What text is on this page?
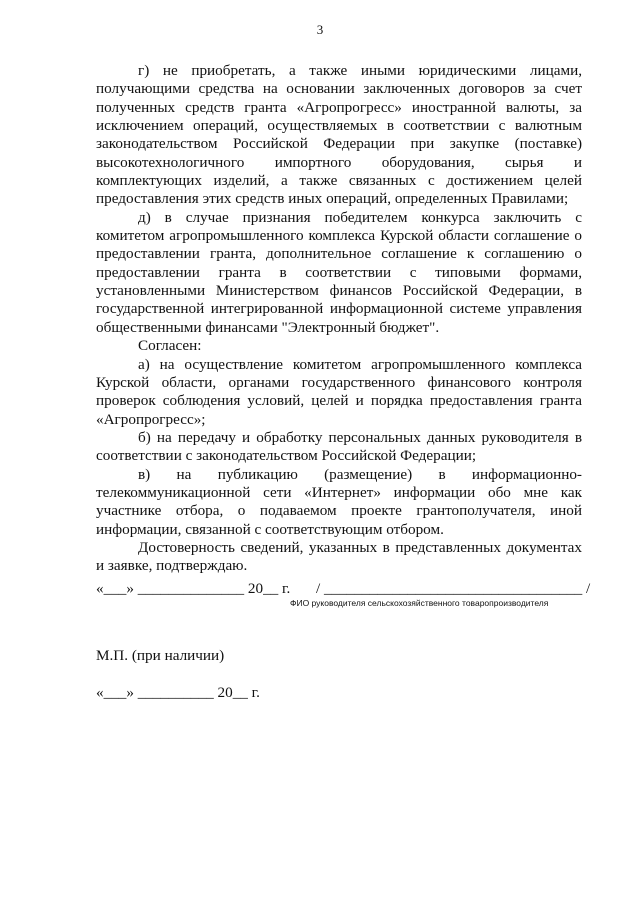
3

г) не приобретать, а также иными юридическими лицами, получающими средства на основании заключенных договоров за счет полученных средств гранта «Агропрогресс» иностранной валюты, за исключением операций, осуществляемых в соответствии с валютным законодательством Российской Федерации при закупке (поставке) высокотехнологичного импортного оборудования, сырья и комплектующих изделий, а также связанных с достижением целей предоставления этих средств иных операций, определенных Правилами;

д) в случае признания победителем конкурса заключить с комитетом агропромышленного комплекса Курской области соглашение о предоставлении гранта, дополнительное соглашение к соглашению о предоставлении гранта в соответствии с типовыми формами, установленными Министерством финансов Российской Федерации, в государственной интегрированной информационной системе управления общественными финансами "Электронный бюджет".

Согласен:

а) на осуществление комитетом агропромышленного комплекса Курской области, органами государственного финансового контроля проверок соблюдения условий, целей и порядка предоставления гранта «Агропрогресс»;

б) на передачу и обработку персональных данных руководителя в соответствии с законодательством Российской Федерации;

в) на публикацию (размещение) в информационно-телекоммуникационной сети «Интернет» информации обо мне как участнике отбора, о подаваемом проекте грантополучателя, иной информации, связанной с соответствующим отбором.

Достоверность сведений, указанных в представленных документах и заявке, подтверждаю.

«___» ______________ 20__ г. / __________________________________ /
ФИО руководителя сельскохозяйственного товаропроизводителя
М.П. (при наличии)
«___» __________ 20__ г.
